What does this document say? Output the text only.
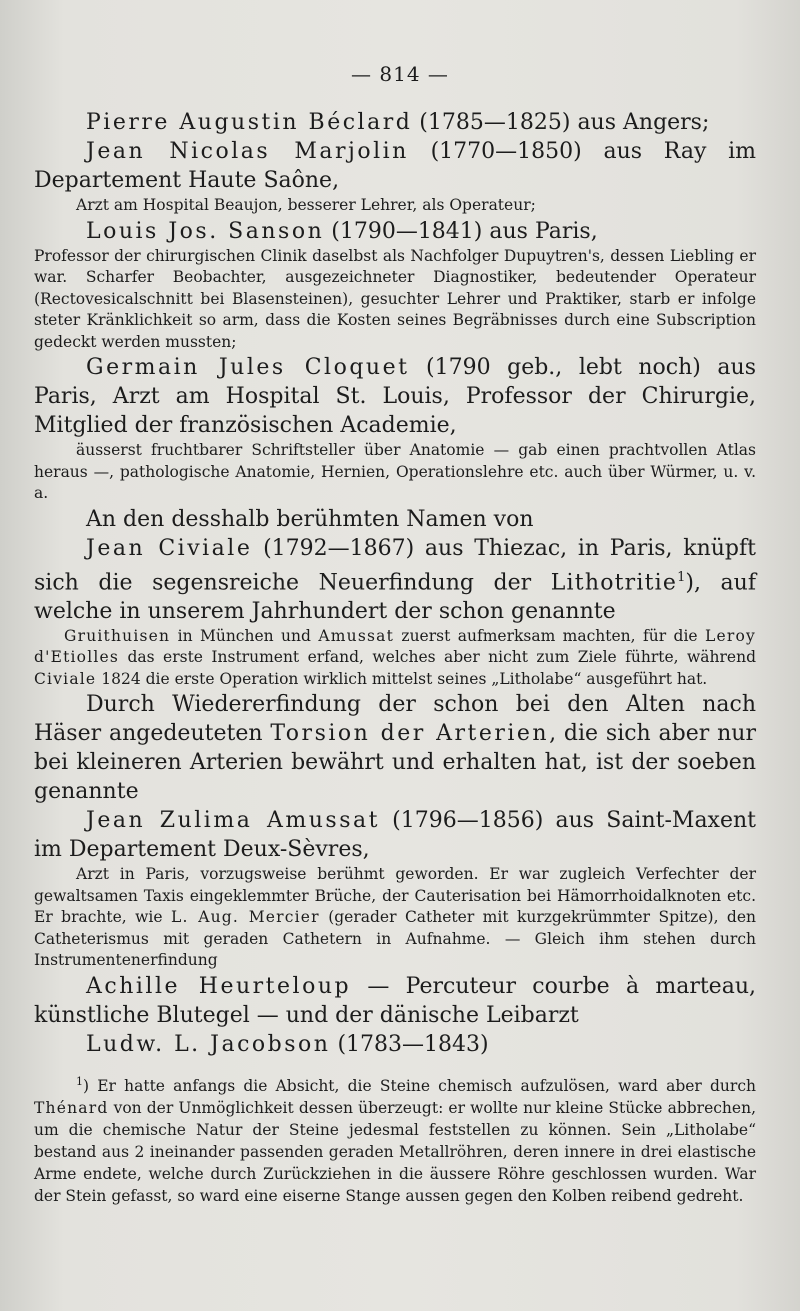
— 814 —

Pierre Augustin Béclard (1785—1825) aus Angers;

Jean Nicolas Marjolin (1770—1850) aus Ray im Departement Haute Saône,

Arzt am Hospital Beaujon, besserer Lehrer, als Operateur;

Louis Jos. Sanson (1790—1841) aus Paris,

Professor der chirurgischen Clinik daselbst als Nachfolger Dupuytren's, dessen Liebling er war. Scharfer Beobachter, ausgezeichneter Diagnostiker, bedeutender Operateur (Rectovesicalschnitt bei Blasensteinen), gesuchter Lehrer und Praktiker, starb er infolge steter Kränklichkeit so arm, dass die Kosten seines Begräbnisses durch eine Subscription gedeckt werden mussten;

Germain Jules Cloquet (1790 geb., lebt noch) aus Paris, Arzt am Hospital St. Louis, Professor der Chirurgie, Mitglied der französischen Academie,

äusserst fruchtbarer Schriftsteller über Anatomie — gab einen prachtvollen Atlas heraus —, pathologische Anatomie, Hernien, Operationslehre etc. auch über Würmer, u. v. a.

An den desshalb berühmten Namen von

Jean Civiale (1792—1867) aus Thiezac, in Paris, knüpft sich die segensreiche Neuerfindung der Lithotritie$^1$), auf welche in unserem Jahrhundert der schon genannte

Gruithuisen in München und Amussat zuerst aufmerksam machten, für die Leroy d'Etiolles das erste Instrument erfand, welches aber nicht zum Ziele führte, während Civiale 1824 die erste Operation wirklich mittelst seines „Litholabe“ ausgeführt hat.

Durch Wiedererfindung der schon bei den Alten nach Häser angedeuteten Torsion der Arterien, die sich aber nur bei kleineren Arterien bewährt und erhalten hat, ist der soeben genannte

Jean Zulima Amussat (1796—1856) aus Saint-Maxent im Departement Deux-Sèvres,

Arzt in Paris, vorzugsweise berühmt geworden. Er war zugleich Verfechter der gewaltsamen Taxis eingeklemmter Brüche, der Cauterisation bei Hämorrhoidalknoten etc. Er brachte, wie L. Aug. Mercier (gerader Catheter mit kurzgekrümmter Spitze), den Catheterismus mit geraden Cathetern in Aufnahme. — Gleich ihm stehen durch Instrumentenerfindung

Achille Heurteloup — Percuteur courbe à marteau, künstliche Blutegel — und der dänische Leibarzt

Ludw. L. Jacobson (1783—1843)

$^1$) Er hatte anfangs die Absicht, die Steine chemisch aufzulösen, ward aber durch Thénard von der Unmöglichkeit dessen überzeugt: er wollte nur kleine Stücke abbrechen, um die chemische Natur der Steine jedesmal feststellen zu können. Sein „Litholabe“ bestand aus 2 ineinander passenden geraden Metallröhren, deren innere in drei elastische Arme endete, welche durch Zurückziehen in die äussere Röhre geschlossen wurden. War der Stein gefasst, so ward eine eiserne Stange aussen gegen den Kolben reibend gedreht.
